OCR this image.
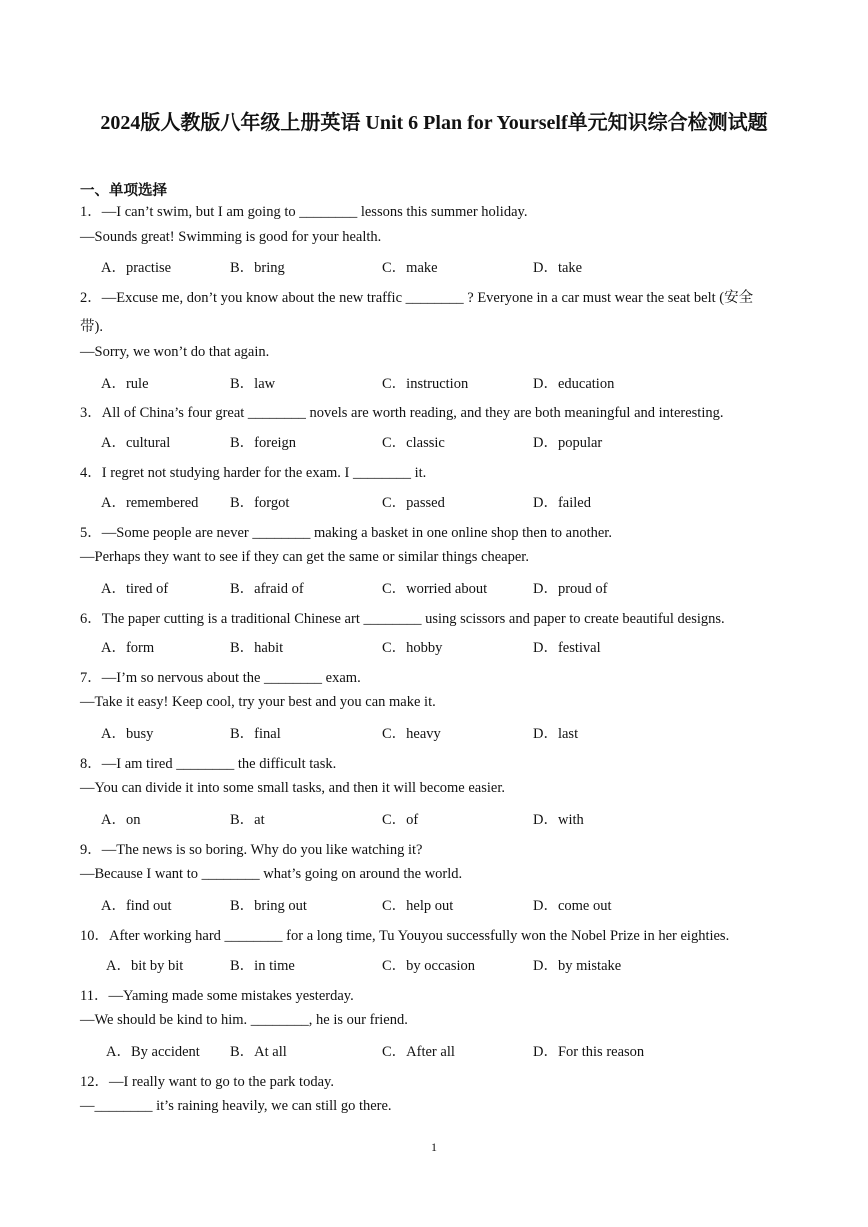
2024版人教版八年级上册英语 Unit 6 Plan for Yourself单元知识综合检测试题
一、单项选择
1．—I can’t swim, but I am going to ________ lessons this summer holiday.
—Sounds great! Swimming is good for your health.
2．—Excuse me, don’t you know about the new traffic ________ ? Everyone in a car must wear the seat belt (安全
带).
—Sorry, we won’t do that again.
3．All of China’s four great ________ novels are worth reading, and they are both meaningful and interesting.
4．I regret not studying harder for the exam. I ________ it.
5．—Some people are never ________ making a basket in one online shop then to another.
—Perhaps they want to see if they can get the same or similar things cheaper.
6．The paper cutting is a traditional Chinese art ________ using scissors and paper to create beautiful designs.
7．—I’m so nervous about the ________ exam.
—Take it easy! Keep cool, try your best and you can make it.
8．—I am tired ________ the difficult task.
—You can divide it into some small tasks, and then it will become easier.
9．—The news is so boring. Why do you like watching it?
—Because I want to ________ what’s going on around the world.
10．After working hard ________ for a long time, Tu Youyou successfully won the Nobel Prize in her eighties.
11．—Yaming made some mistakes yesterday.
—We should be kind to him. ________, he is our friend.
12．—I really want to go to the park today.
—________ it’s raining heavily, we can still go there.
A．practise	B．bring	C．make	D．take
A．rule	B．law	C．instruction	D．education
A．cultural	B．foreign	C．classic	D．popular
A．remembered B．forgot	C．passed	D．failed
A．tired of	B．afraid of	C．worried about	D．proud of
A．form	B．habit	C．hobby	D．festival
A．busy	B．final	C．heavy	D．last
A．on	B．at	C．of	D．with
A．find out	B．bring out	C．help out	D．come out
A．bit by bit	B．in time	C．by occasion	D．by mistake
A．By accident B．At all	C．After all	D．For this reason
1
